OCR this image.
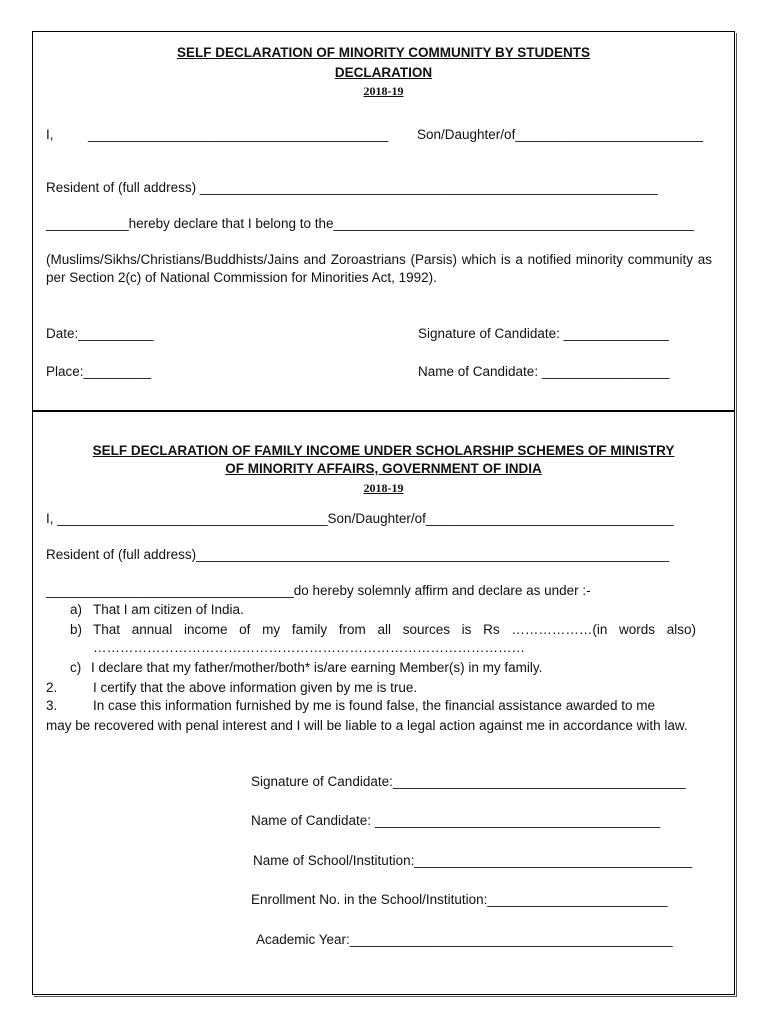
SELF DECLARATION OF MINORITY COMMUNITY BY STUDENTS
DECLARATION
2018-19
I,	________________________________________ Son/Daughter/of_________________________
Resident of (full address) _____________________________________________________________
___________hereby declare that I belong to the________________________________________________
(Muslims/Sikhs/Christians/Buddhists/Jains and Zoroastrians (Parsis) which is a notified minority community as per Section 2(c) of National Commission for Minorities Act, 1992).
Date:__________	Signature of Candidate: ______________
Place:_________	Name of Candidate: _________________
SELF DECLARATION OF FAMILY INCOME UNDER SCHOLARSHIP SCHEMES OF MINISTRY
OF MINORITY AFFAIRS, GOVERNMENT OF INDIA
2018-19
I, ____________________________________Son/Daughter/of_________________________________
Resident of (full address)_______________________________________________________________
_________________________________do hereby solemnly affirm and declare as under :-
a) That I am citizen of India.
b) That annual income of my family from all sources is Rs ………………(in words also)
……………………………………………………………………………………
c) I declare that my father/mother/both* is/are earning Member(s) in my family.
2.	I certify that the above information given by me is true.
3.	In case this information furnished by me is found false, the financial assistance awarded to me
may be recovered with penal interest and I will be liable to a legal action against me in accordance with law.
Signature of Candidate:_______________________________________
Name of Candidate: ______________________________________
Name of School/Institution:_____________________________________
Enrollment No. in the School/Institution:________________________
Academic Year:___________________________________________
